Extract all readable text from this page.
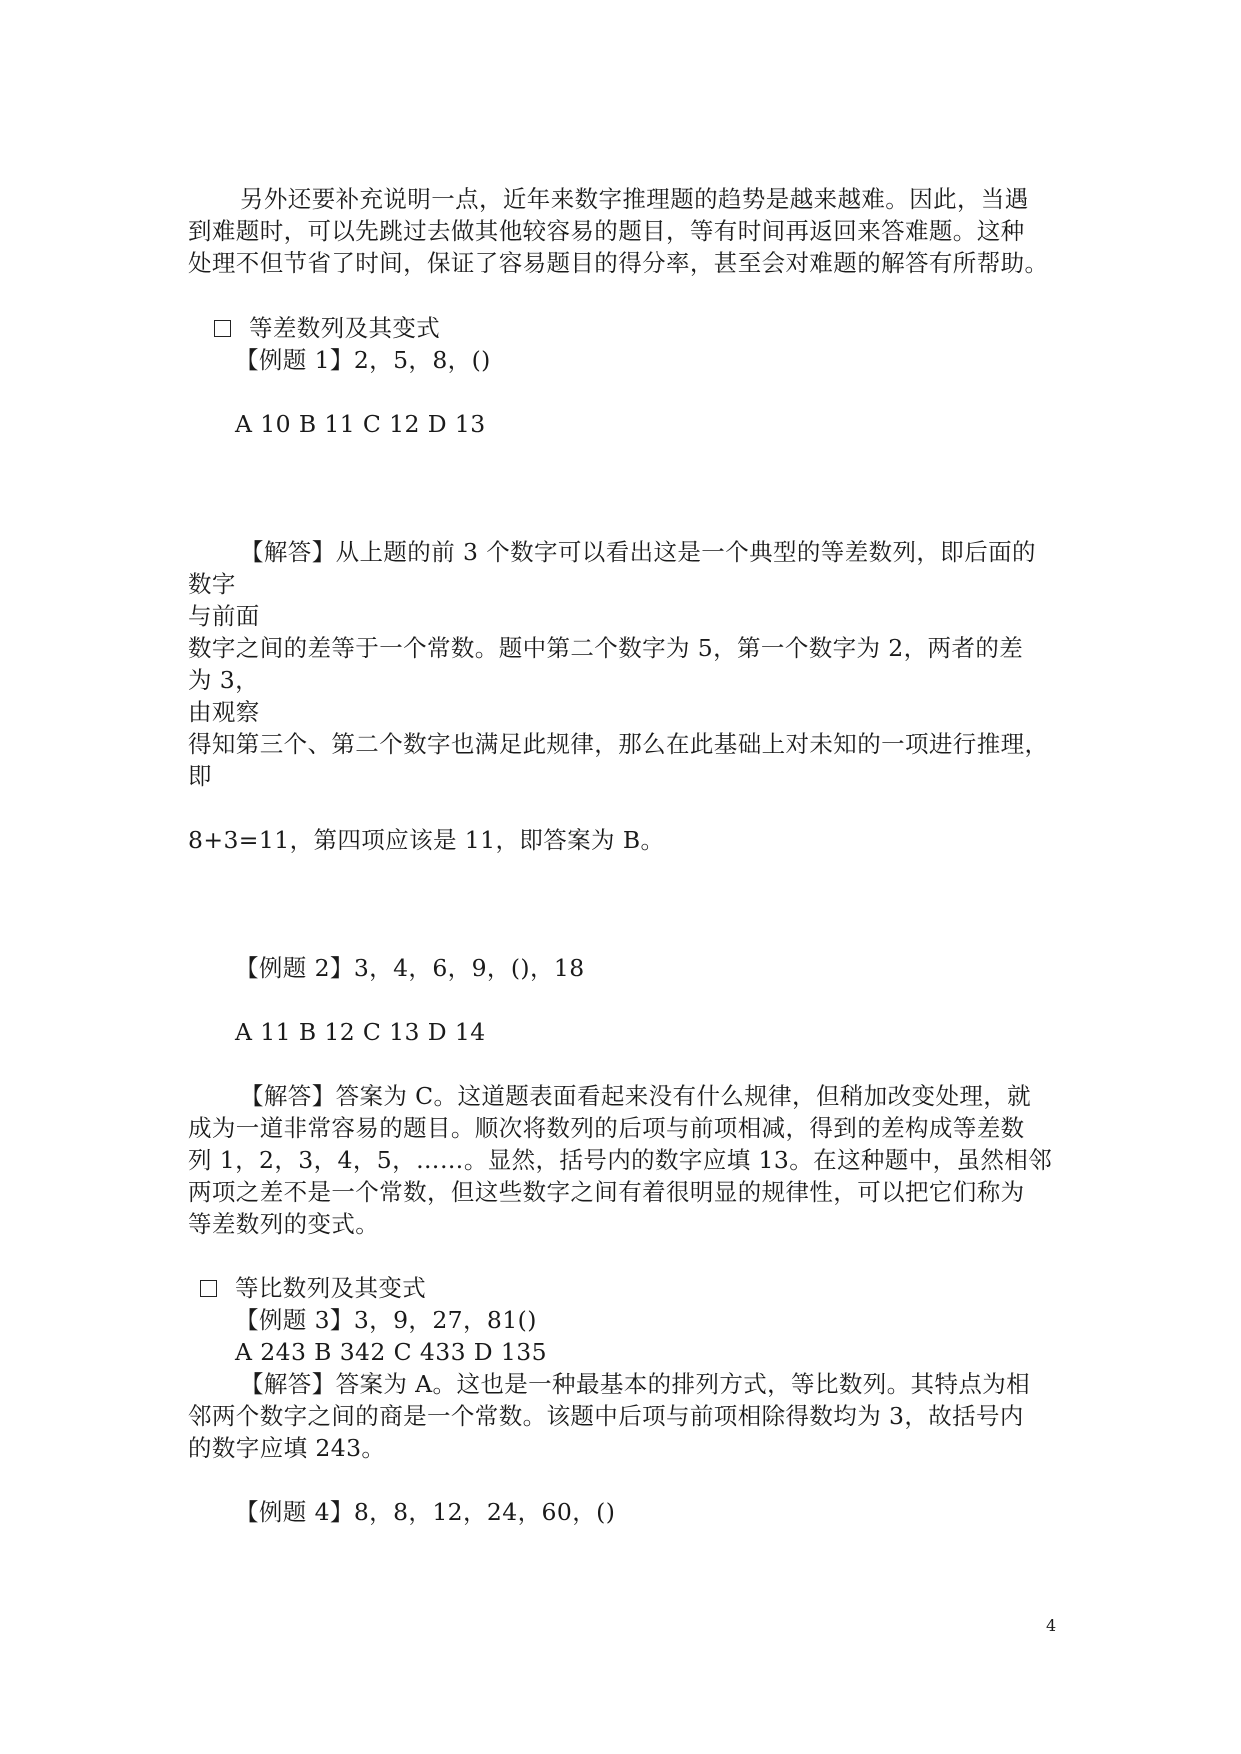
另外还要补充说明一点，近年来数字推理题的趋势是越来越难。因此，当遇
到难题时，可以先跳过去做其他较容易的题目，等有时间再返回来答难题。这种
处理不但节省了时间，保证了容易题目的得分率，甚至会对难题的解答有所帮助。
等差数列及其变式
【例题 1】2，5，8，()
A 10 B 11 C 12 D 13
【解答】从上题的前 3 个数字可以看出这是一个典型的等差数列，即后面的
数字
与前面
数字之间的差等于一个常数。题中第二个数字为 5，第一个数字为 2，两者的差
为 3，
由观察
得知第三个、第二个数字也满足此规律，那么在此基础上对未知的一项进行推理，
即
8+3=11，第四项应该是 11，即答案为 B。
【例题 2】3，4，6，9，()，18
A 11 B 12 C 13 D 14
【解答】答案为 C。这道题表面看起来没有什么规律，但稍加改变处理，就
成为一道非常容易的题目。顺次将数列的后项与前项相减，得到的差构成等差数
列 1，2，3，4，5，……。显然，括号内的数字应填 13。在这种题中，虽然相邻
两项之差不是一个常数，但这些数字之间有着很明显的规律性，可以把它们称为
等差数列的变式。
等比数列及其变式
【例题 3】3，9，27，81()
A 243 B 342 C 433 D 135
【解答】答案为 A。这也是一种最基本的排列方式，等比数列。其特点为相
邻两个数字之间的商是一个常数。该题中后项与前项相除得数均为 3，故括号内
的数字应填 243。
【例题 4】8，8，12，24，60，()
4
